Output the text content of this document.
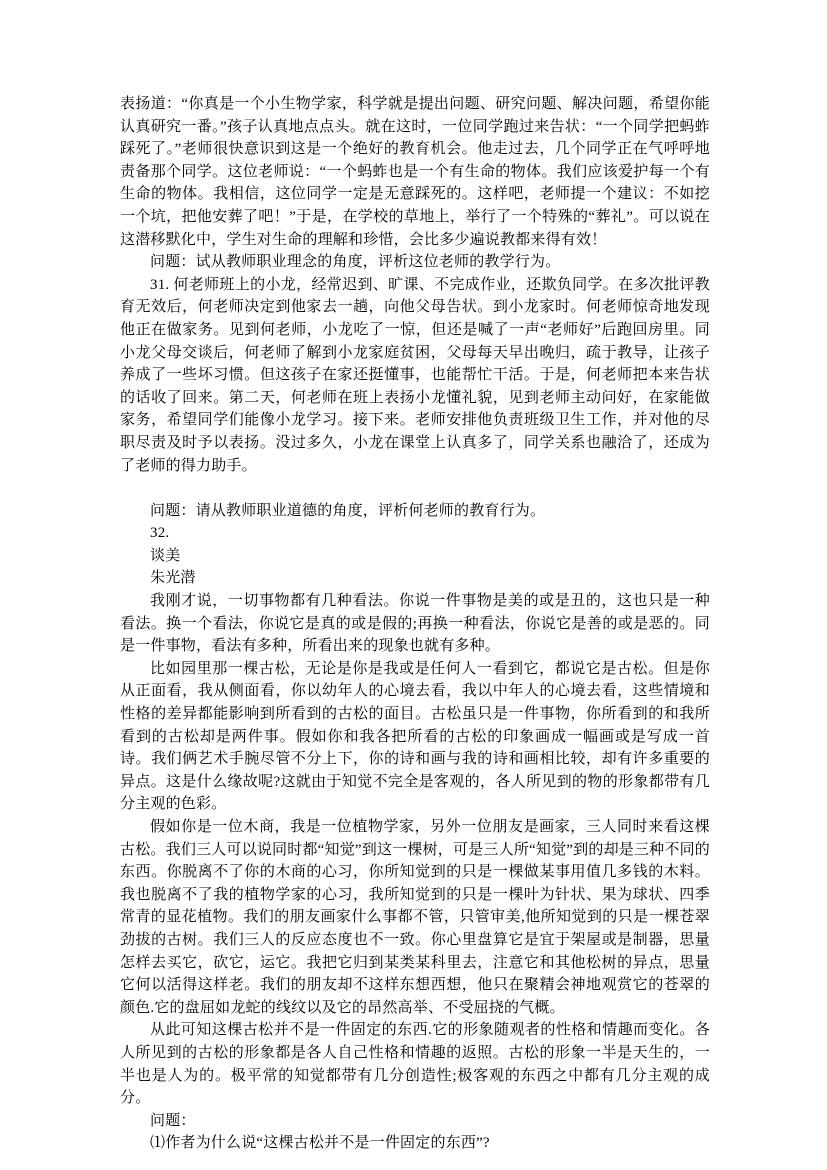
表扬道：“你真是一个小生物学家，科学就是提出问题、研究问题、解决问题，希望你能认真研究一番。”孩子认真地点点头。就在这时，一位同学跑过来告状：“一个同学把蚂蚱踩死了。”老师很快意识到这是一个绝好的教育机会。他走过去，几个同学正在气呼呼地责备那个同学。这位老师说：“一个蚂蚱也是一个有生命的物体。我们应该爱护每一个有生命的物体。我相信，这位同学一定是无意踩死的。这样吧，老师提一个建议：不如挖一个坑，把他安葬了吧！”于是，在学校的草地上，举行了一个特殊的“葬礼”。可以说在这潜移默化中，学生对生命的理解和珍惜，会比多少遍说教都来得有效！

问题：试从教师职业理念的角度，评析这位老师的教学行为。

31. 何老师班上的小龙，经常迟到、旷课、不完成作业，还欺负同学。在多次批评教育无效后，何老师决定到他家去一趟，向他父母告状。到小龙家时。何老师惊奇地发现他正在做家务。见到何老师，小龙吃了一惊，但还是喊了一声“老师好”后跑回房里。同小龙父母交谈后，何老师了解到小龙家庭贫困，父母每天早出晚归，疏于教导，让孩子养成了一些坏习惯。但这孩子在家还挺懂事，也能帮忙干活。于是，何老师把本来告状的话收了回来。第二天，何老师在班上表扬小龙懂礼貌，见到老师主动问好，在家能做家务，希望同学们能像小龙学习。接下来。老师安排他负责班级卫生工作，并对他的尽职尽责及时予以表扬。没过多久，小龙在课堂上认真多了，同学关系也融洽了，还成为了老师的得力助手。

问题：请从教师职业道德的角度，评析何老师的教育行为。

32.

谈美

朱光潜

我刚才说，一切事物都有几种看法。你说一件事物是美的或是丑的，这也只是一种看法。换一个看法，你说它是真的或是假的;再换一种看法，你说它是善的或是恶的。同是一件事物，看法有多种，所看出来的现象也就有多种。

比如园里那一棵古松，无论是你是我或是任何人一看到它，都说它是古松。但是你从正面看，我从侧面看，你以幼年人的心境去看，我以中年人的心境去看，这些情境和性格的差异都能影响到所看到的古松的面目。古松虽只是一件事物，你所看到的和我所看到的古松却是两件事。假如你和我各把所看的古松的印象画成一幅画或是写成一首诗。我们俩艺术手腕尽管不分上下，你的诗和画与我的诗和画相比较，却有许多重要的异点。这是什么缘故呢?这就由于知觉不完全是客观的，各人所见到的物的形象都带有几分主观的色彩。

假如你是一位木商，我是一位植物学家，另外一位朋友是画家，三人同时来看这棵古松。我们三人可以说同时都“知觉”到这一棵树，可是三人所“知觉”到的却是三种不同的东西。你脱离不了你的木商的心习，你所知觉到的只是一棵做某事用值几多钱的木料。我也脱离不了我的植物学家的心习，我所知觉到的只是一棵叶为针状、果为球状、四季常青的显花植物。我们的朋友画家什么事都不管，只管审美,他所知觉到的只是一棵苍翠劲拔的古树。我们三人的反应态度也不一致。你心里盘算它是宜于架屋或是制器，思量怎样去买它，砍它，运它。我把它归到某类某科里去，注意它和其他松树的异点，思量它何以活得这样老。我们的朋友却不这样东想西想，他只在聚精会神地观赏它的苍翠的颜色.它的盘屈如龙蛇的线纹以及它的昂然高举、不受屈挠的气概。

从此可知这棵古松并不是一件固定的东西.它的形象随观者的性格和情趣而变化。各人所见到的古松的形象都是各人自己性格和情趣的返照。古松的形象一半是天生的，一半也是人为的。极平常的知觉都带有几分创造性;极客观的东西之中都有几分主观的成分。

问题：

⑴作者为什么说“这棵古松并不是一件固定的东西”?
